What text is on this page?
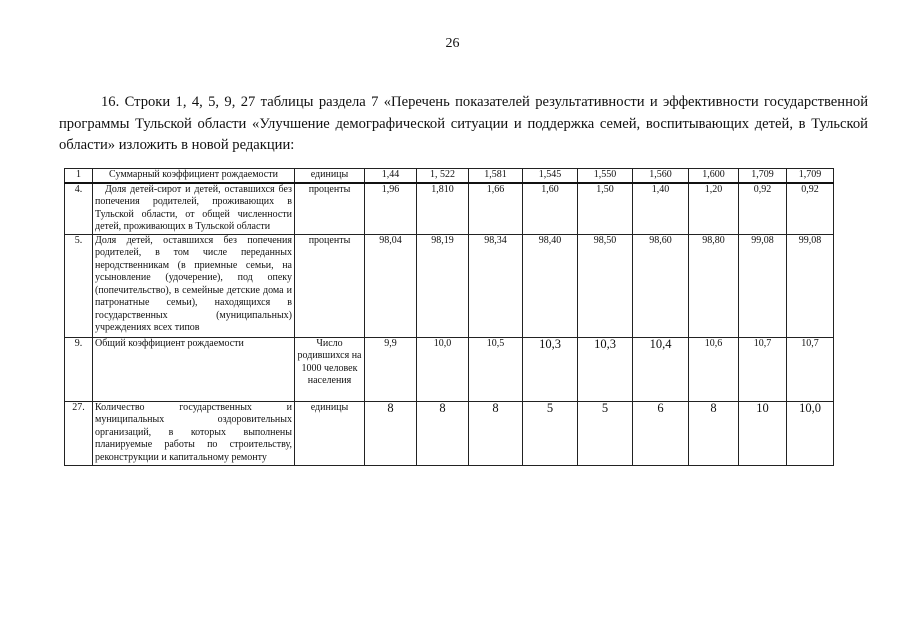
26

16. Строки 1, 4, 5, 9, 27 таблицы раздела 7 «Перечень показателей результативности и эффективности государственной программы Тульской области «Улучшение демографической ситуации и поддержка семей, воспитывающих детей, в Тульской области» изложить в новой редакции:

1	Суммарный коэффициент рождаемости	единицы	1,44	1, 522	1,581	1,545	1,550	1,560	1,600	1,709	1,709
4.	Доля детей-сирот и детей, оставшихся без попечения родителей, проживающих в Тульской области, от общей численности детей, проживающих в Тульской области	проценты	1,96	1,810	1,66	1,60	1,50	1,40	1,20	0,92	0,92
5.	Доля детей, оставшихся без попечения родителей, в том числе переданных неродственникам (в приемные семьи, на усыновление (удочерение), под опеку (попечительство), в семейные детские дома и патронатные семьи), находящихся в государственных (муниципальных) учреждениях всех типов	проценты	98,04	98,19	98,34	98,40	98,50	98,60	98,80	99,08	99,08
9.	Общий коэффициент рождаемости	Число родившихся на 1000 человек населения	9,9	10,0	10,5	10,3	10,3	10,4	10,6	10,7	10,7
27.	Количество государственных и муниципальных оздоровительных организаций, в которых выполнены планируемые работы по строительству, реконструкции и капитальному ремонту	единицы	8	8	8	5	5	6	8	10	10,0
